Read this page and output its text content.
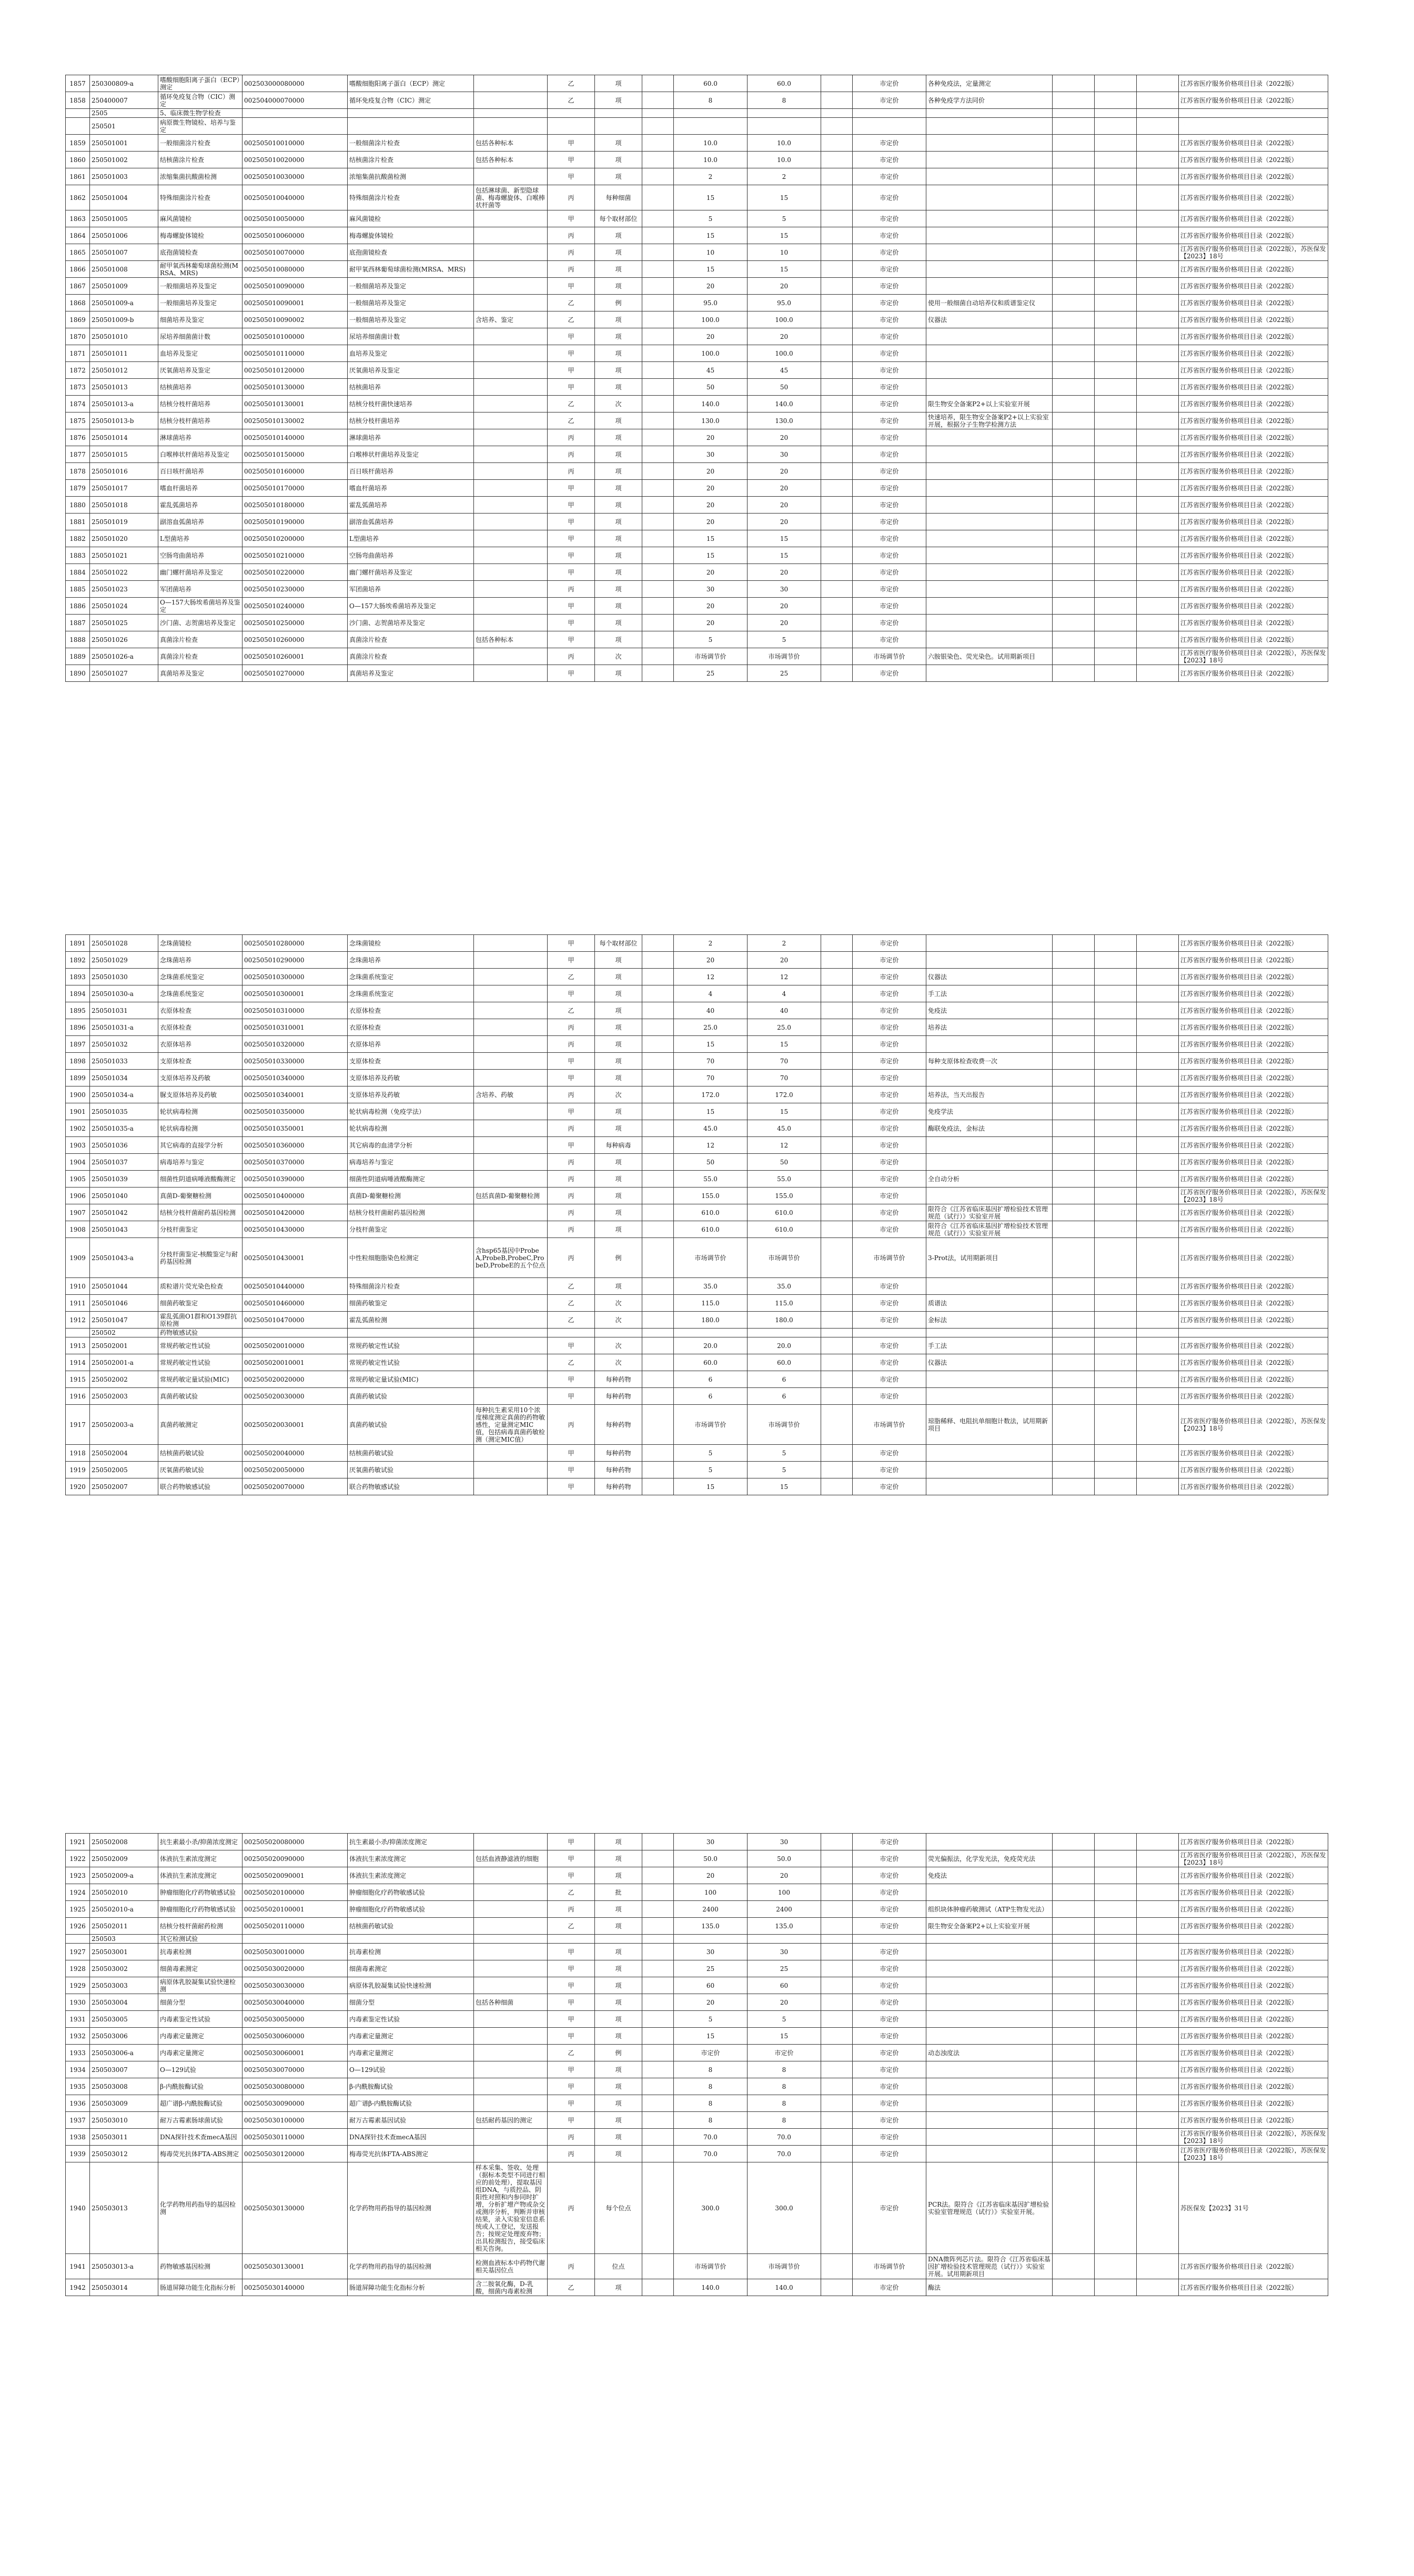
1857	250300809-a	嗜酸细胞阳离子蛋白（ECP）测定	002503000080000	嗜酸细胞阳离子蛋白（ECP）测定		乙	项		60.0	60.0		市定价	各种免疫法，定量测定				江苏省医疗服务价格项目目录（2022版）
1858	250400007	循环免疫复合物（CIC）测定	002504000070000	循环免疫复合物（CIC）测定		乙	项		8	8		市定价	各种免疫学方法同价				江苏省医疗服务价格项目目录（2022版）
	2505	5、临床微生物学检查															
	250501	病原微生物镜检、培养与鉴定															
1859	250501001	一般细菌涂片检查	002505010010000	一般细菌涂片检查	包括各种标本	甲	项		10.0	10.0		市定价					江苏省医疗服务价格项目目录（2022版）
1860	250501002	结核菌涂片检查	002505010020000	结核菌涂片检查	包括各种标本	甲	项		10.0	10.0		市定价					江苏省医疗服务价格项目目录（2022版）
1861	250501003	浓缩集菌抗酸菌检测	002505010030000	浓缩集菌抗酸菌检测		甲	项		2	2		市定价					江苏省医疗服务价格项目目录（2022版）
1862	250501004	特殊细菌涂片检查	002505010040000	特殊细菌涂片检查	包括淋球菌、新型隐球菌、梅毒螺旋体、白喉棒状杆菌等	丙	每种细菌		15	15		市定价					江苏省医疗服务价格项目目录（2022版）
1863	250501005	麻风菌镜检	002505010050000	麻风菌镜检		甲	每个取材部位		5	5		市定价					江苏省医疗服务价格项目目录（2022版）
1864	250501006	梅毒螺旋体镜检	002505010060000	梅毒螺旋体镜检		丙	项		15	15		市定价					江苏省医疗服务价格项目目录（2022版）
1865	250501007	底孢菌镜检查	002505010070000	底孢菌镜检查		丙	项		10	10		市定价					江苏省医疗服务价格项目目录（2022版），苏医保发【2023】18号
1866	250501008	耐甲氧西林葡萄球菌检测(MRSA、MRS)	002505010080000	耐甲氧西林葡萄球菌检测(MRSA、MRS)		丙	项		15	15		市定价					江苏省医疗服务价格项目目录（2022版）
1867	250501009	一般细菌培养及鉴定	002505010090000	一般细菌培养及鉴定		甲	项		20	20		市定价					江苏省医疗服务价格项目目录（2022版）
1868	250501009-a	一般细菌培养及鉴定	002505010090001	一般细菌培养及鉴定		乙	例		95.0	95.0		市定价	使用一般细菌自动培养仪和质谱鉴定仪				江苏省医疗服务价格项目目录（2022版）
1869	250501009-b	细菌培养及鉴定	002505010090002	一般细菌培养及鉴定	含培养、鉴定	乙	项		100.0	100.0		市定价	仪器法				江苏省医疗服务价格项目目录（2022版）
1870	250501010	尿培养细菌菌计数	002505010100000	尿培养细菌菌计数		甲	项		20	20		市定价					江苏省医疗服务价格项目目录（2022版）
1871	250501011	血培养及鉴定	002505010110000	血培养及鉴定		甲	项		100.0	100.0		市定价					江苏省医疗服务价格项目目录（2022版）
1872	250501012	厌氧菌培养及鉴定	002505010120000	厌氧菌培养及鉴定		甲	项		45	45		市定价					江苏省医疗服务价格项目目录（2022版）
1873	250501013	结核菌培养	002505010130000	结核菌培养		甲	项		50	50		市定价					江苏省医疗服务价格项目目录（2022版）
1874	250501013-a	结核分枝杆菌培养	002505010130001	结核分枝杆菌快速培养		乙	次		140.0	140.0		市定价	限生物安全备案P2+以上实验室开展				江苏省医疗服务价格项目目录（2022版）
1875	250501013-b	结核分枝杆菌培养	002505010130002	结核分枝杆菌培养		乙	项		130.0	130.0		市定价	快速培养，限生物安全备案P2+以上实验室开展，根据分子生物学检测方法				江苏省医疗服务价格项目目录（2022版）
1876	250501014	淋球菌培养	002505010140000	淋球菌培养		丙	项		20	20		市定价					江苏省医疗服务价格项目目录（2022版）
1877	250501015	白喉棒状杆菌培养及鉴定	002505010150000	白喉棒状杆菌培养及鉴定		丙	项		30	30		市定价					江苏省医疗服务价格项目目录（2022版）
1878	250501016	百日咳杆菌培养	002505010160000	百日咳杆菌培养		丙	项		20	20		市定价					江苏省医疗服务价格项目目录（2022版）
1879	250501017	嗜血杆菌培养	002505010170000	嗜血杆菌培养		甲	项		20	20		市定价					江苏省医疗服务价格项目目录（2022版）
1880	250501018	霍乱弧菌培养	002505010180000	霍乱弧菌培养		甲	项		20	20		市定价					江苏省医疗服务价格项目目录（2022版）
1881	250501019	副溶血弧菌培养	002505010190000	副溶血弧菌培养		甲	项		20	20		市定价					江苏省医疗服务价格项目目录（2022版）
1882	250501020	L型菌培养	002505010200000	L型菌培养		甲	项		15	15		市定价					江苏省医疗服务价格项目目录（2022版）
1883	250501021	空肠弯曲菌培养	002505010210000	空肠弯曲菌培养		甲	项		15	15		市定价					江苏省医疗服务价格项目目录（2022版）
1884	250501022	幽门螺杆菌培养及鉴定	002505010220000	幽门螺杆菌培养及鉴定		甲	项		20	20		市定价					江苏省医疗服务价格项目目录（2022版）
1885	250501023	军团菌培养	002505010230000	军团菌培养		丙	项		30	30		市定价					江苏省医疗服务价格项目目录（2022版）
1886	250501024	O—157大肠埃希菌培养及鉴定	002505010240000	O—157大肠埃希菌培养及鉴定		甲	项		20	20		市定价					江苏省医疗服务价格项目目录（2022版）
1887	250501025	沙门菌、志贺菌培养及鉴定	002505010250000	沙门菌、志贺菌培养及鉴定		甲	项		20	20		市定价					江苏省医疗服务价格项目目录（2022版）
1888	250501026	真菌涂片检查	002505010260000	真菌涂片检查	包括各种标本	甲	项		5	5		市定价					江苏省医疗服务价格项目目录（2022版）
1889	250501026-a	真菌涂片检查	002505010260001	真菌涂片检查		丙	次		市场调节价	市场调节价		市场调节价	六胺银染色、荧光染色。试用期新项目				江苏省医疗服务价格项目目录（2022版），苏医保发【2023】18号
1890	250501027	真菌培养及鉴定	002505010270000	真菌培养及鉴定		甲	项		25	25		市定价					江苏省医疗服务价格项目目录（2022版）
1891	250501028	念珠菌镜检	002505010280000	念珠菌镜检		甲	每个取材部位		2	2		市定价					江苏省医疗服务价格项目目录（2022版）
1892	250501029	念珠菌培养	002505010290000	念珠菌培养		甲	项		20	20		市定价					江苏省医疗服务价格项目目录（2022版）
1893	250501030	念珠菌系统鉴定	002505010300000	念珠菌系统鉴定		乙	项		12	12		市定价	仪器法				江苏省医疗服务价格项目目录（2022版）
1894	250501030-a	念珠菌系统鉴定	002505010300001	念珠菌系统鉴定		甲	项		4	4		市定价	手工法				江苏省医疗服务价格项目目录（2022版）
1895	250501031	衣原体检查	002505010310000	衣原体检查		乙	项		40	40		市定价	免疫法				江苏省医疗服务价格项目目录（2022版）
1896	250501031-a	衣原体检查	002505010310001	衣原体检查		丙	项		25.0	25.0		市定价	培养法				江苏省医疗服务价格项目目录（2022版）
1897	250501032	衣原体培养	002505010320000	衣原体培养		丙	项		15	15		市定价					江苏省医疗服务价格项目目录（2022版）
1898	250501033	支原体检查	002505010330000	支原体检查		甲	项		70	70		市定价	每种支原体检查收费一次				江苏省医疗服务价格项目目录（2022版）
1899	250501034	支原体培养及药敏	002505010340000	支原体培养及药敏		甲	项		70	70		市定价					江苏省医疗服务价格项目目录（2022版）
1900	250501034-a	脲支原体培养及药敏	002505010340001	支原体培养及药敏	含培养、药敏	丙	次		172.0	172.0		市定价	培养法，当天出报告				江苏省医疗服务价格项目目录（2022版）
1901	250501035	轮状病毒检测	002505010350000	轮状病毒检测（免疫学法）		甲	项		15	15		市定价	免疫学法				江苏省医疗服务价格项目目录（2022版）
1902	250501035-a	轮状病毒检测	002505010350001	轮状病毒检测		丙	项		45.0	45.0		市定价	酶联免疫法，金标法				江苏省医疗服务价格项目目录（2022版）
1903	250501036	其它病毒的直接学分析	002505010360000	其它病毒的血清学分析		甲	每种病毒		12	12		市定价					江苏省医疗服务价格项目目录（2022版）
1904	250501037	病毒培养与鉴定	002505010370000	病毒培养与鉴定		丙	项		50	50		市定价					江苏省医疗服务价格项目目录（2022版）
1905	250501039	细菌性阴道病唾液酸酶测定	002505010390000	细菌性阴道病唾液酸酶测定		丙	项		55.0	55.0		市定价	全自动分析				江苏省医疗服务价格项目目录（2022版）
1906	250501040	真菌D-葡聚糖检测	002505010400000	真菌D-葡聚糖检测	包括真菌D-葡聚糖检测	丙	项		155.0	155.0		市定价					江苏省医疗服务价格项目目录（2022版），苏医保发【2023】18号
1907	250501042	结核分枝杆菌耐药基因检测	002505010420000	结核分枝杆菌耐药基因检测		丙	项		610.0	610.0		市定价	限符合《江苏省临床基因扩增检验技术管理规范（试行）》实验室开展				江苏省医疗服务价格项目目录（2022版）
1908	250501043	分枝杆菌鉴定	002505010430000	分枝杆菌鉴定		丙	项		610.0	610.0		市定价	限符合《江苏省临床基因扩增检验技术管理规范（试行）》实验室开展				江苏省医疗服务价格项目目录（2022版）
1909	250501043-a	分枝杆菌鉴定-核酸鉴定与耐药基因检测	002505010430001	中性粒细胞脂染色检测定	含hsp65基因中ProbeA,ProbeB,ProbeC,ProbeD,ProbeE的五个位点	丙	例		市场调节价	市场调节价		市场调节价	3-Prot法，试用期新项目				江苏省医疗服务价格项目目录（2022版）
1910	250501044	质粒谱片荧光染色检查	002505010440000	特殊细菌涂片检查		乙	项		35.0	35.0		市定价					江苏省医疗服务价格项目目录（2022版）
1911	250501046	细菌药敏鉴定	002505010460000	细菌药敏鉴定		乙	次		115.0	115.0		市定价	质谱法				江苏省医疗服务价格项目目录（2022版）
1912	250501047	霍乱弧菌O1群和O139群抗原检测	002505010470000	霍乱弧菌检测		乙	次		180.0	180.0		市定价	金标法				江苏省医疗服务价格项目目录（2022版）
	250502	药物敏感试验															
1913	250502001	常规药敏定性试验	002505020010000	常规药敏定性试验		甲	次		20.0	20.0		市定价	手工法				江苏省医疗服务价格项目目录（2022版）
1914	250502001-a	常规药敏定性试验	002505020010001	常规药敏定性试验		乙	次		60.0	60.0		市定价	仪器法				江苏省医疗服务价格项目目录（2022版）
1915	250502002	常规药敏定量试验(MIC)	002505020020000	常规药敏定量试验(MIC)		甲	每种药物		6	6		市定价					江苏省医疗服务价格项目目录（2022版）
1916	250502003	真菌药敏试验	002505020030000	真菌药敏试验		甲	每种药物		6	6		市定价					江苏省医疗服务价格项目目录（2022版）
1917	250502003-a	真菌药敏测定	002505020030001	真菌药敏试验	每种抗生素采用10个浓度梯度测定真菌的药物敏感性，定量测定MIC值，包括病毒真菌药敏检测（测定MIC值）	丙	每种药物		市场调节价	市场调节价		市场调节价	琼脂稀释、电阻抗单细胞计数法，试用期新项目				江苏省医疗服务价格项目目录（2022版），苏医保发【2023】18号
1918	250502004	结核菌药敏试验	002505020040000	结核菌药敏试验		甲	每种药物		5	5		市定价					江苏省医疗服务价格项目目录（2022版）
1919	250502005	厌氧菌药敏试验	002505020050000	厌氧菌药敏试验		甲	每种药物		5	5		市定价					江苏省医疗服务价格项目目录（2022版）
1920	250502007	联合药物敏感试验	002505020070000	联合药物敏感试验		甲	每种药物		15	15		市定价					江苏省医疗服务价格项目目录（2022版）
1921	250502008	抗生素最小杀/抑菌浓度测定	002505020080000	抗生素最小杀/抑菌浓度测定		甲	项		30	30		市定价					江苏省医疗服务价格项目目录（2022版）
1922	250502009	体液抗生素浓度测定	002505020090000	体液抗生素浓度测定	包括血液静滤液的细胞	甲	项		50.0	50.0		市定价	荧光偏振法，化学发光法，免疫荧光法				江苏省医疗服务价格项目目录（2022版），苏医保发【2023】18号
1923	250502009-a	体液抗生素浓度测定	002505020090001	体液抗生素浓度测定		甲	项		20	20		市定价	免疫法				江苏省医疗服务价格项目目录（2022版）
1924	250502010	肿瘤细胞化疗药物敏感试验	002505020100000	肿瘤细胞化疗药物敏感试验		乙	批		100	100		市定价					江苏省医疗服务价格项目目录（2022版）
1925	250502010-a	肿瘤细胞化疗药物敏感试验	002505020100001	肿瘤细胞化疗药物敏感试验		丙	项		2400	2400		市定价	组织块体肿瘤药敏测试（ATP生物发光法）				江苏省医疗服务价格项目目录（2022版）
1926	250502011	结核分枝杆菌耐药检测	002505020110000	结核菌药敏试验		乙	项		135.0	135.0		市定价	限生物安全备案P2+以上实验室开展				江苏省医疗服务价格项目目录（2022版）
	250503	其它检测试验															
1927	250503001	抗毒素检测	002505030010000	抗毒素检测		甲	项		30	30		市定价					江苏省医疗服务价格项目目录（2022版）
1928	250503002	细菌毒素测定	002505030020000	细菌毒素测定		甲	项		25	25		市定价					江苏省医疗服务价格项目目录（2022版）
1929	250503003	病原体乳胶凝集试验快速检测	002505030030000	病原体乳胶凝集试验快速检测		甲	项		60	60		市定价					江苏省医疗服务价格项目目录（2022版）
1930	250503004	细菌分型	002505030040000	细菌分型	包括各种细菌	甲	项		20	20		市定价					江苏省医疗服务价格项目目录（2022版）
1931	250503005	内毒素鉴定性试验	002505030050000	内毒素鉴定性试验		甲	项		5	5		市定价					江苏省医疗服务价格项目目录（2022版）
1932	250503006	内毒素定量测定	002505030060000	内毒素定量测定		甲	项		15	15		市定价					江苏省医疗服务价格项目目录（2022版）
1933	250503006-a	内毒素定量测定	002505030060001	内毒素定量测定		乙	例		市定价	市定价		市定价	动态浊度法				江苏省医疗服务价格项目目录（2022版）
1934	250503007	O—129试验	002505030070000	O—129试验		甲	项		8	8		市定价					江苏省医疗服务价格项目目录（2022版）
1935	250503008	β-内酰胺酶试验	002505030080000	β-内酰胺酶试验		甲	项		8	8		市定价					江苏省医疗服务价格项目目录（2022版）
1936	250503009	超广谱β-内酰胺酶试验	002505030090000	超广谱β-内酰胺酶试验		甲	项		8	8		市定价					江苏省医疗服务价格项目目录（2022版）
1937	250503010	耐万古霉素肠球菌试验	002505030100000	耐万古霉素基因试验	包括耐药基因的测定	甲	项		8	8		市定价					江苏省医疗服务价格项目目录（2022版）
1938	250503011	DNA探针技术查mecA基因	002505030110000	DNA探针技术查mecA基因		丙	项		70.0	70.0		市定价					江苏省医疗服务价格项目目录（2022版），苏医保发【2023】18号
1939	250503012	梅毒荧光抗体FTA-ABS测定	002505030120000	梅毒荧光抗体FTA-ABS测定		丙	项		70.0	70.0		市定价					江苏省医疗服务价格项目目录（2022版），苏医保发【2023】18号
1940	250503013	化学药物用药指导的基因检测	002505030130000	化学药物用药指导的基因检测	样本采集、签收、处理（据标本类型不同进行相应的前处理），提取基因组DNA，与质控品、阴阳性对照和内参同时扩增，分析扩增产物或杂交或测序分析，判断并审核结果，录入实验室信息系统或人工登记，发送报告；按规定处理废弃物；出具检测报告，接受临床相关咨询。	丙	每个位点		300.0	300.0		市定价	PCR法。限符合《江苏省临床基因扩增检验实验室管理规范（试行）》实验室开展。				苏医保发【2023】31号
1941	250503013-a	药物敏感基因检测	002505030130001	化学药物用药指导的基因检测	检测血液标本中药物代谢相关基因位点	丙	位点		市场调节价	市场调节价		市场调节价	DNA微阵列芯片法。限符合《江苏省临床基因扩增检验技术管理规范（试行）》实验室开展。试用期新项目				江苏省医疗服务价格项目目录（2022版）
1942	250503014	肠道屏障功能生化指标分析	002505030140000	肠道屏障功能生化指标分析	含二胺氧化酶，D-乳酸，细菌内毒素检测	乙	项		140.0	140.0		市定价	酶法				江苏省医疗服务价格项目目录（2022版）
